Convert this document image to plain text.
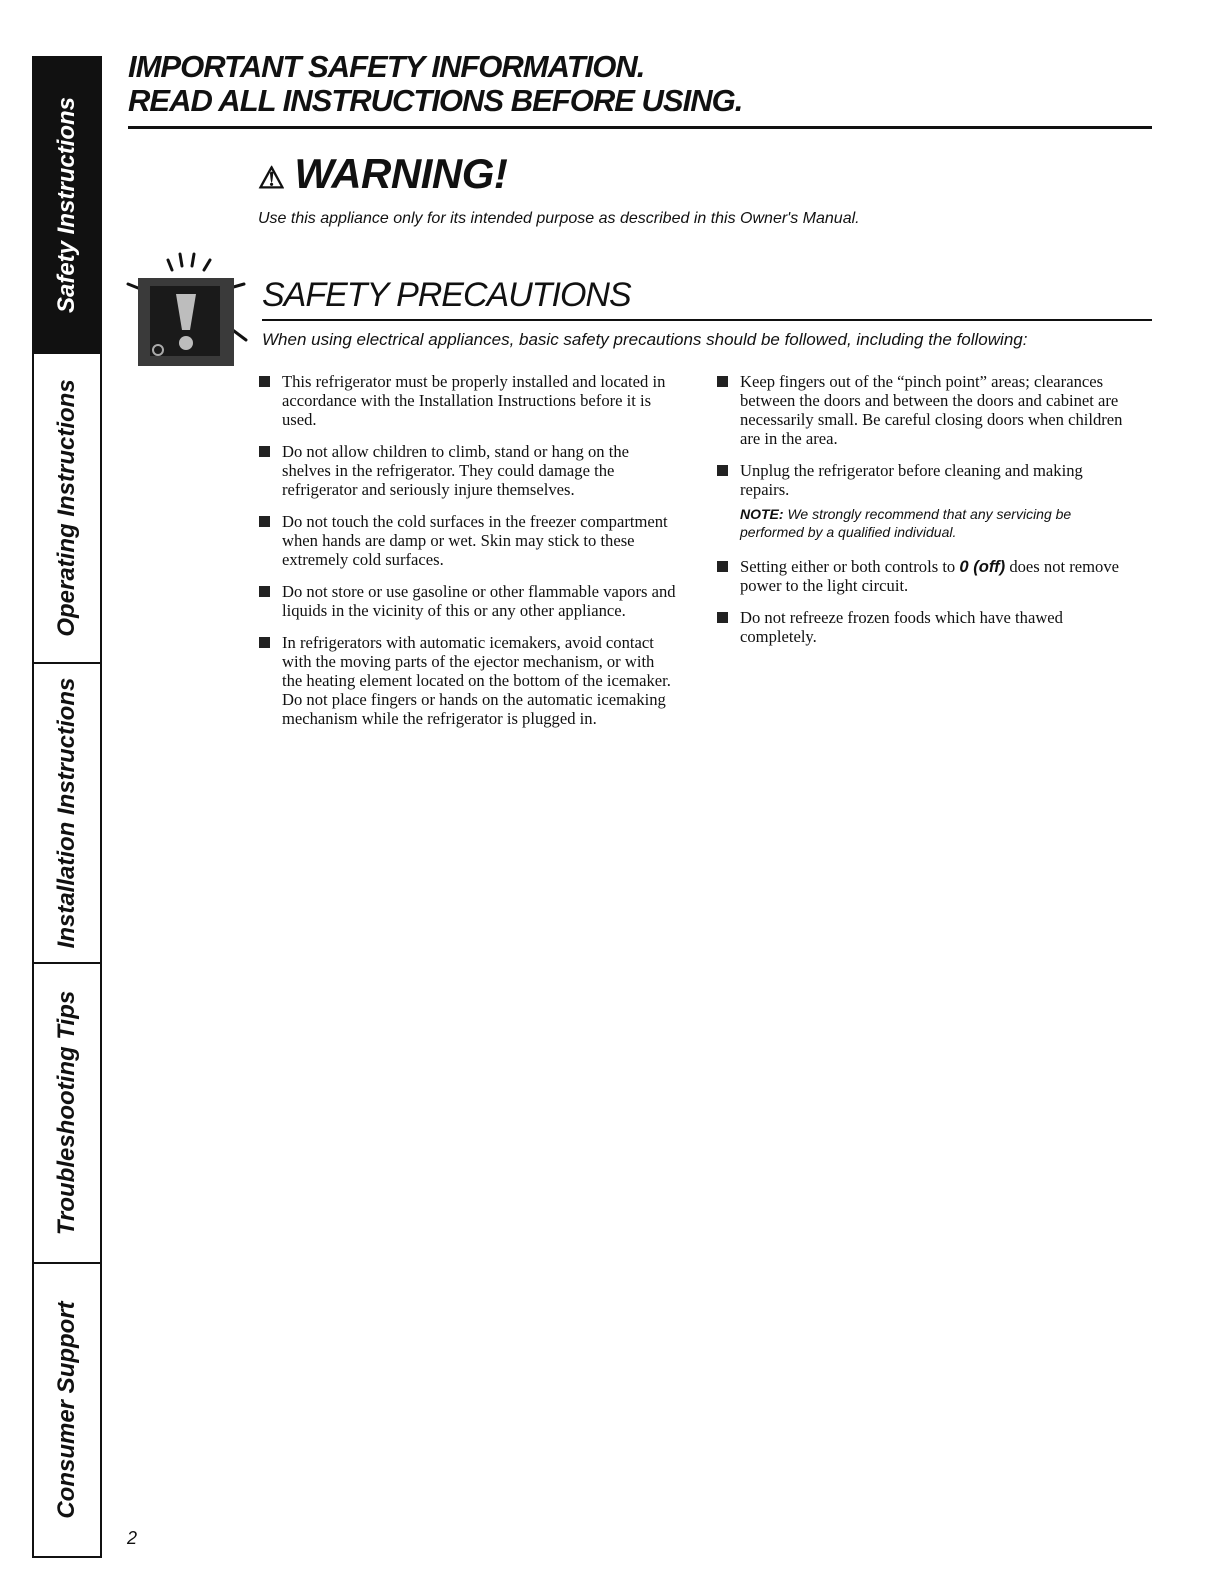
Safety Instructions
Operating Instructions
Installation Instructions
Troubleshooting Tips
Consumer Support
IMPORTANT SAFETY INFORMATION.
READ ALL INSTRUCTIONS BEFORE USING.
⚠ WARNING!
Use this appliance only for its intended purpose as described in this Owner's Manual.
SAFETY PRECAUTIONS
When using electrical appliances, basic safety precautions should be followed, including the following:
This refrigerator must be properly installed and located in accordance with the Installation Instructions before it is used.
Do not allow children to climb, stand or hang on the shelves in the refrigerator. They could damage the refrigerator and seriously injure themselves.
Do not touch the cold surfaces in the freezer compartment when hands are damp or wet. Skin may stick to these extremely cold surfaces.
Do not store or use gasoline or other flammable vapors and liquids in the vicinity of this or any other appliance.
In refrigerators with automatic icemakers, avoid contact with the moving parts of the ejector mechanism, or with the heating element located on the bottom of the icemaker. Do not place fingers or hands on the automatic icemaking mechanism while the refrigerator is plugged in.
Keep fingers out of the “pinch point” areas; clearances between the doors and between the doors and cabinet are necessarily small. Be careful closing doors when children are in the area.
Unplug the refrigerator before cleaning and making repairs.
NOTE: We strongly recommend that any servicing be performed by a qualified individual.
Setting either or both controls to 0 (off) does not remove power to the light circuit.
Do not refreeze frozen foods which have thawed completely.
2
